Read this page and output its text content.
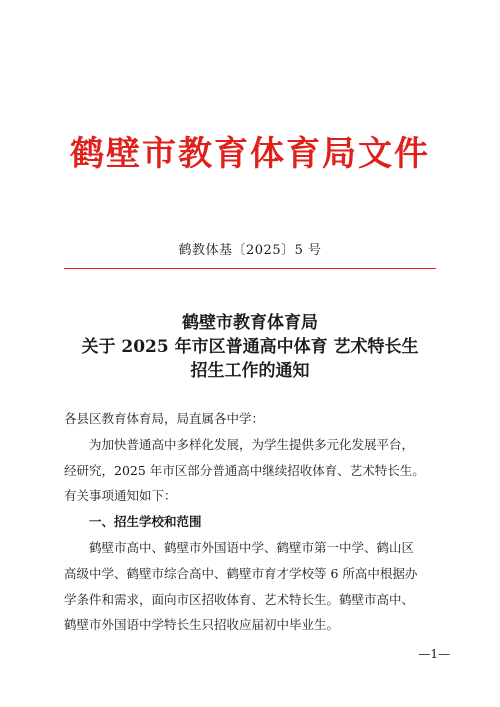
鹤壁市教育体育局文件
鹤教体基〔2025〕5 号
鹤壁市教育体育局
关于 2025 年市区普通高中体育 艺术特长生
招生工作的通知

各县区教育体育局，局直属各中学：

为加快普通高中多样化发展，为学生提供多元化发展平台，

经研究，2025 年市区部分普通高中继续招收体育、艺术特长生。

有关事项通知如下：

一、招生学校和范围

鹤壁市高中、鹤壁市外国语中学、鹤壁市第一中学、鹤山区

高级中学、鹤壁市综合高中、鹤壁市育才学校等 6 所高中根据办

学条件和需求，面向市区招收体育、艺术特长生。鹤壁市高中、

鹤壁市外国语中学特长生只招收应届初中毕业生。

—1—
